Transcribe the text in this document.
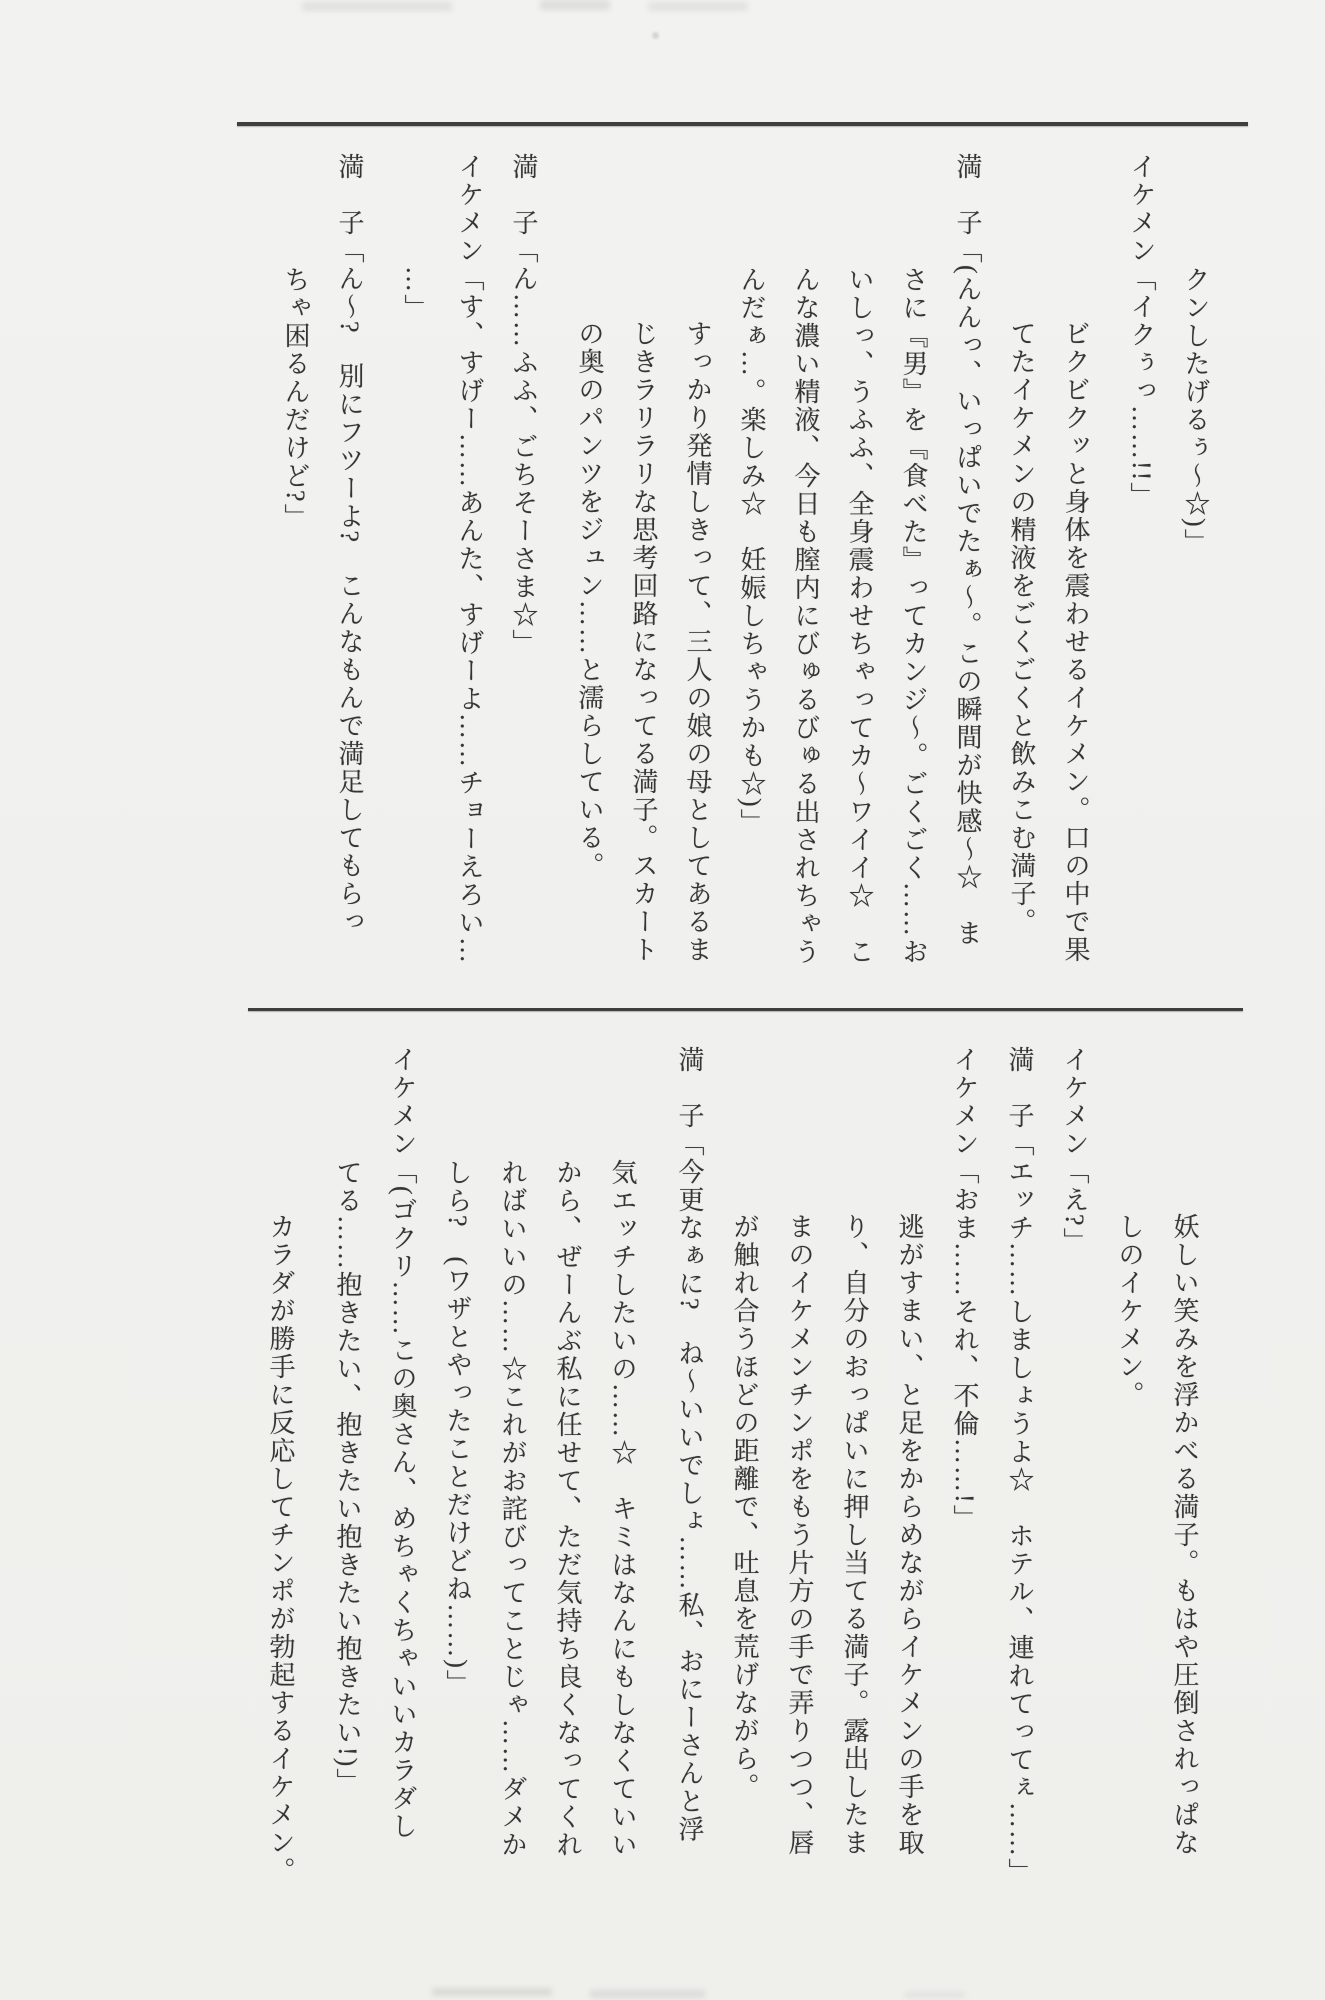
クンしたげるぅ〜☆)」
イケメン「イクぅっ……!!」
ビクビクッと身体を震わせるイケメン。口の中で果
てたイケメンの精液をごくごくと飲みこむ満子。
満　子「(んんっ、いっぱいでたぁ〜。この瞬間が快感〜☆　ま
さに『男』を『食べた』ってカンジ〜。ごくごく……お
いしっ、うふふ、全身震わせちゃってカ〜ワイイ☆　こ
んな濃い精液、今日も膣内にびゅるびゅる出されちゃう
んだぁ…。楽しみ☆　妊娠しちゃうかも☆)」
すっかり発情しきって、三人の娘の母としてあるま
じきラリラリな思考回路になってる満子。スカート
の奥のパンツをジュン……と濡らしている。
満　子「ん……ふふ、ごちそーさま☆」
イケメン「す、すげー……あんた、すげーよ……チョーえろい…
…」
満　子「ん〜?　別にフツーよ?　こんなもんで満足してもらっ
ちゃ困るんだけど?」
妖しい笑みを浮かべる満子。もはや圧倒されっぱな
しのイケメン。
イケメン「え?」
満　子「エッチ……しましょうよ☆　ホテル、連れてってぇ……」
イケメン「おま……それ、不倫……!」
逃がすまい、と足をからめながらイケメンの手を取
り、自分のおっぱいに押し当てる満子。露出したま
まのイケメンチンポをもう片方の手で弄りつつ、唇
が触れ合うほどの距離で、吐息を荒げながら。
満　子「今更なぁに?　ね〜いいでしょ……私、おにーさんと浮
気エッチしたいの……☆　キミはなんにもしなくていい
から、ぜーんぶ私に任せて、ただ気持ち良くなってくれ
ればいいの……☆これがお詫びってことじゃ……ダメか
しら?　(ワザとやったことだけどね……)」
イケメン「(ゴクリ……この奥さん、めちゃくちゃいいカラダし
てる……抱きたい、抱きたい抱きたい抱きたい!)」
カラダが勝手に反応してチンポが勃起するイケメン。
